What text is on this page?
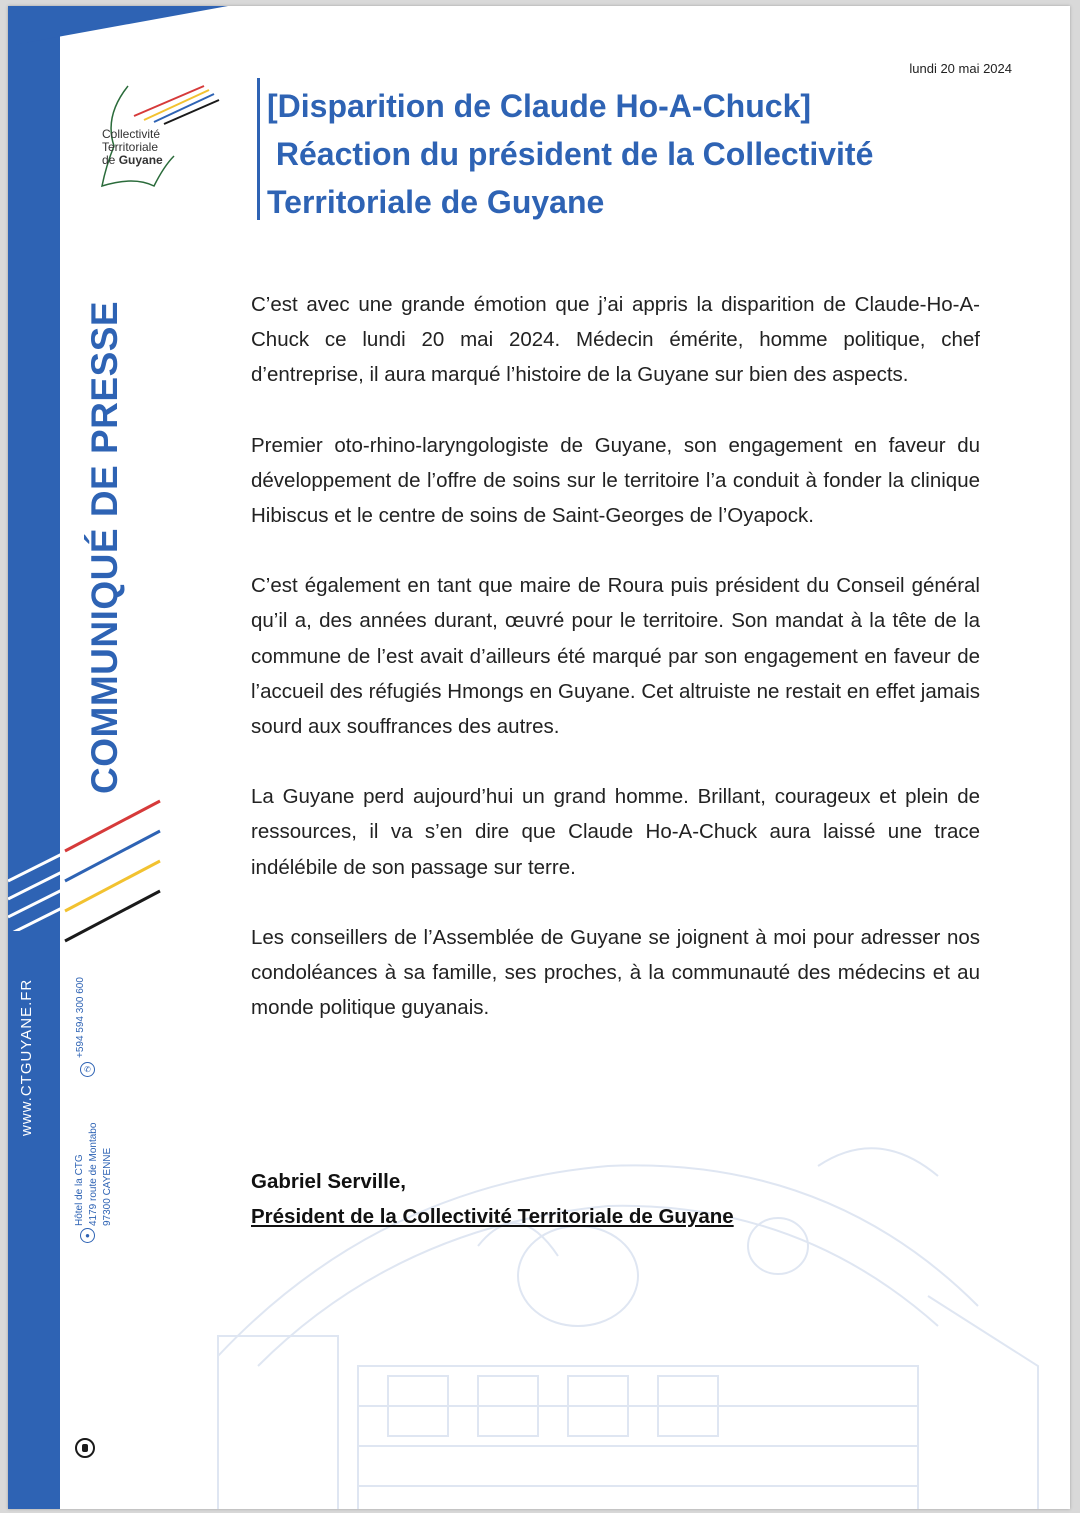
www.CTGUYANE.FR
Collectivité
Territoriale
de Guyane
COMMUNIQUÉ DE PRESSE
✆
+594 594 300 600
●
Hôtel de la CTG 4179 route de Montabo 97300 CAYENNE
lundi 20 mai 2024
[Disparition de Claude Ho-A-Chuck]
Réaction du président de la Collectivité
Territoriale de Guyane

C’est avec une grande émotion que j’ai appris la disparition de Claude-Ho-A-Chuck ce lundi 20 mai 2024. Médecin émérite, homme politique, chef d’entreprise, il aura marqué l’histoire de la Guyane sur bien des aspects.

Premier oto-rhino-laryngologiste de Guyane, son engagement en faveur du développement de l’offre de soins sur le territoire l’a conduit à fonder la clinique Hibiscus et le centre de soins de Saint-Georges de l’Oyapock.

C’est également en tant que maire de Roura puis président du Conseil général qu’il a, des années durant, œuvré pour le territoire. Son mandat à la tête de la commune de l’est avait d’ailleurs été marqué par son engagement en faveur de l’accueil des réfugiés Hmongs en Guyane. Cet altruiste ne restait en effet jamais sourd aux souffrances des autres.

La Guyane perd aujourd’hui un grand homme. Brillant, courageux et plein de ressources, il va s’en dire que Claude Ho-A-Chuck aura laissé une trace indélébile de son passage sur terre.

Les conseillers de l’Assemblée de Guyane se joignent à moi pour adresser nos condoléances à sa famille, ses proches, à la communauté des médecins et au monde politique guyanais.

Gabriel Serville,
Président de la Collectivité Territoriale de Guyane
